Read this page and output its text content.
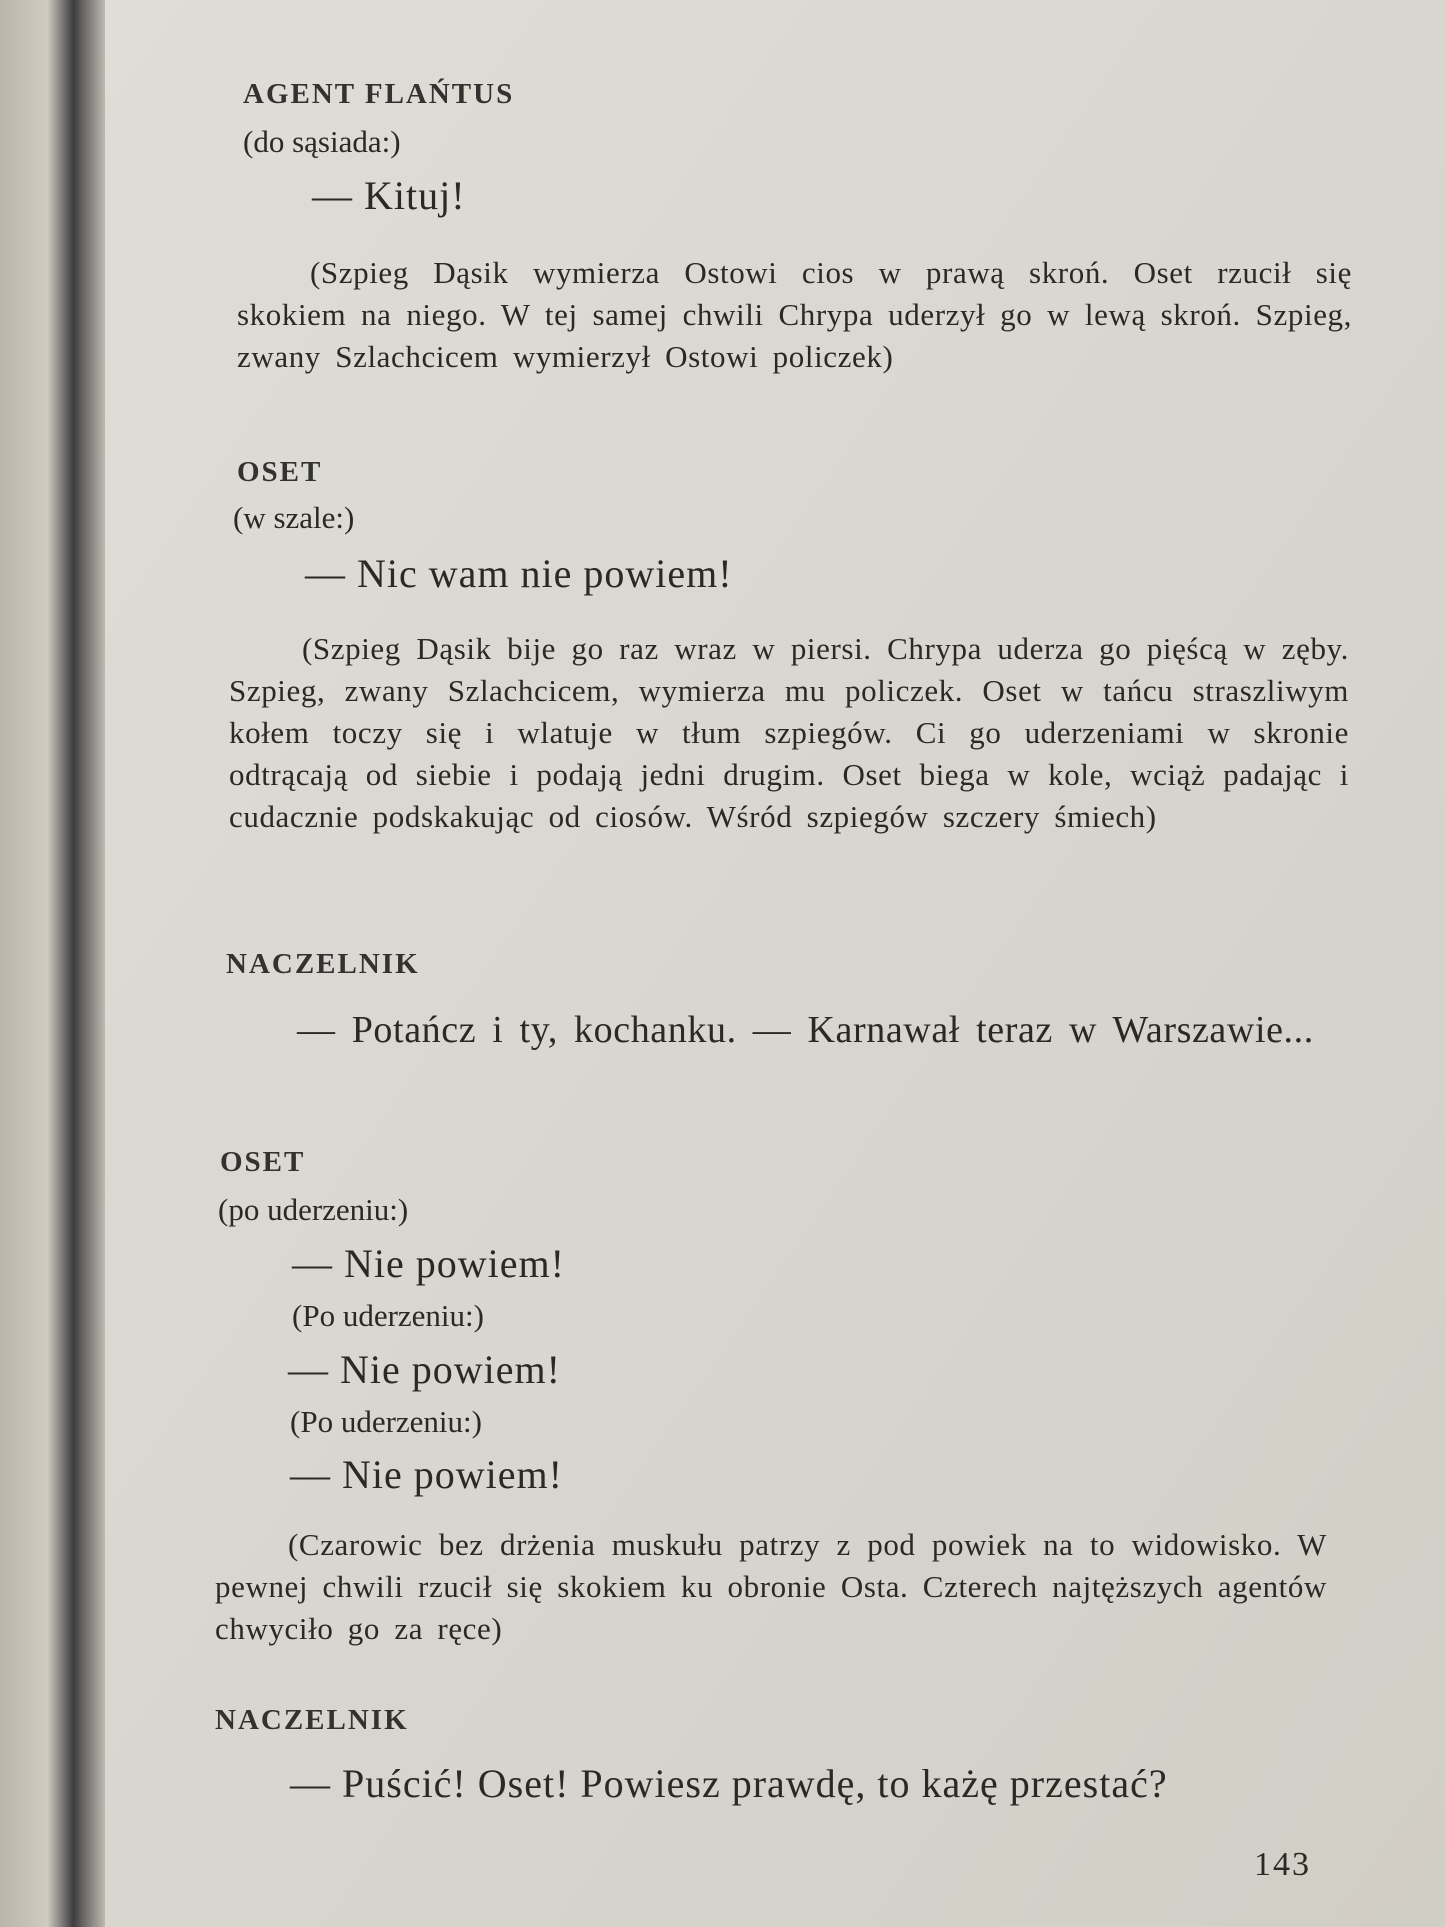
AGENT FLAŃTUS
(do sąsiada:)
— Kituj!
(Szpieg Dąsik wymierza Ostowi cios w prawą skroń. Oset rzucił się skokiem na niego. W tej samej chwili Chrypa uderzył go w lewą skroń. Szpieg, zwany Szlachcicem wymierzył Ostowi policzek)
OSET
(w szale:)
— Nic wam nie powiem!
(Szpieg Dąsik bije go raz wraz w piersi. Chrypa uderza go pięścą w zęby. Szpieg, zwany Szlachcicem, wymierza mu policzek. Oset w tańcu straszliwym kołem toczy się i wlatuje w tłum szpiegów. Ci go uderzeniami w skronie odtrącają od siebie i podają jedni drugim. Oset biega w kole, wciąż padając i cudacznie podskakując od ciosów. Wśród szpiegów szczery śmiech)
NACZELNIK
— Potańcz i ty, kochanku. — Karnawał teraz w Warszawie...
OSET
(po uderzeniu:)
— Nie powiem!
(Po uderzeniu:)
— Nie powiem!
(Po uderzeniu:)
— Nie powiem!
(Czarowic bez drżenia muskułu patrzy z pod powiek na to widowisko. W pewnej chwili rzucił się skokiem ku obronie Osta. Czterech najtęższych agentów chwyciło go za ręce)
NACZELNIK
— Puścić! Oset! Powiesz prawdę, to każę przestać?
143
